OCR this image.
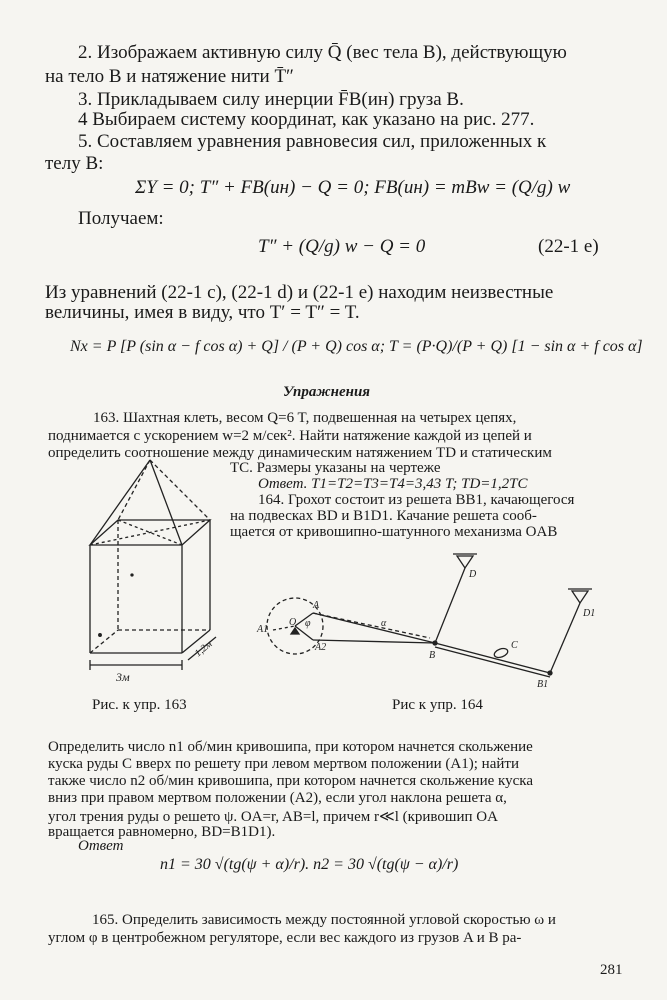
2. Изображаем активную силу Q̄ (вес тела B), действующую
на тело B и натяжение нити T̄″
3. Прикладываем силу инерции F̄B(ин) груза B.
4 Выбираем систему координат, как указано на рис. 277.
5. Составляем уравнения равновесия сил, приложенных к
телу B:
ΣY = 0; T″ + FB(ин) − Q = 0; FB(ин) = mBw = (Q/g) w
Получаем:
T″ + (Q/g) w − Q = 0	(22-1 e)
Из уравнений (22-1 c), (22-1 d) и (22-1 e) находим неизвестные
величины, имея в виду, что T′ = T″ = T.
Nx = P [P (sin α − f cos α) + Q] / (P + Q) cos α; T = (P·Q)/(P + Q) [1 − sin α + f cos α]
Упражнения
163. Шахтная клеть, весом Q=6 T, подвешенная на четырех цепях,
поднимается с ускорением w=2 м/сек². Найти натяжение каждой из цепей и
определить соотношение между динамическим натяжением TD и статическим
TC. Размеры указаны на чертеже
Ответ. T1=T2=T3=T4=3,43 T; TD=1,2TC
164. Грохот состоит из решета BB1, качающегося
на подвесках BD и B1D1. Качание решета сооб-
щается от кривошипно-шатунного механизма OAB
3м
1,2м
D
D1
A
A1
A2
O φ	α
B
C
B1
Рис. к упр. 163	Рис к упр. 164
Определить число n1 об/мин кривошипа, при котором начнется скольжение
куска руды C вверх по решету при левом мертвом положении (A1); найти
также число n2 об/мин кривошипа, при котором начнется скольжение куска
вниз при правом мертвом положении (A2), если угол наклона решета α,
угол трения руды о решето ψ. OA=r, AB=l, причем r≪l (кривошип OA
вращается равномерно, BD=B1D1).
Ответ
n1 = 30 √(tg(ψ + α)/r). n2 = 30 √(tg(ψ − α)/r)
165. Определить зависимость между постоянной угловой скоростью ω и
углом φ в центробежном регуляторе, если вес каждого из грузов A и B ра-
281
